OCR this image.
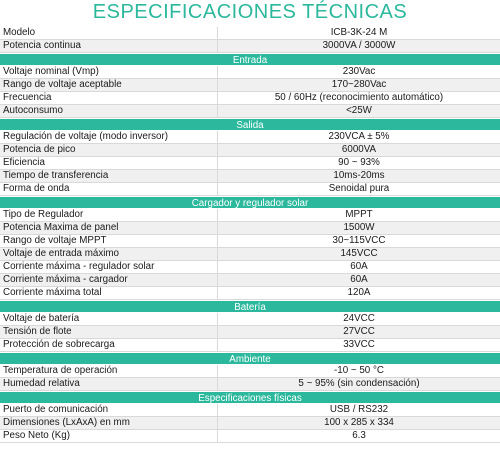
ESPECIFICACIONES TÉCNICAS
Modelo	ICB-3K-24 M
Potencia continua	3000VA / 3000W
Entrada
Voltaje nominal (Vmp)	230Vac
Rango de voltaje aceptable	170~280Vac
Frecuencia	50 / 60Hz (reconocimiento automático)
Autoconsumo	<25W
Salida
Regulación de voltaje (modo inversor)	230VCA ± 5%
Potencia de pico	6000VA
Eficiencia	90 ~ 93%
Tiempo de transferencia	10ms-20ms
Forma de onda	Senoidal pura
Cargador y regulador solar
Tipo de Regulador	MPPT
Potencia Maxima de panel	1500W
Rango de voltaje MPPT	30~115VCC
Voltaje de entrada máximo	145VCC
Corriente máxima - regulador solar	60A
Corriente máxima - cargador	60A
Corriente máxima total	120A
Batería
Voltaje de batería	24VCC
Tensión de flote	27VCC
Protección de sobrecarga	33VCC
Ambiente
Temperatura de operación	-10 ~ 50 °C
Humedad relativa	5 ~ 95% (sin condensación)
Especificaciones físicas
Puerto de comunicación	USB / RS232
Dimensiones (LxAxA) en mm	100 x 285 x 334
Peso Neto (Kg)	6.3
